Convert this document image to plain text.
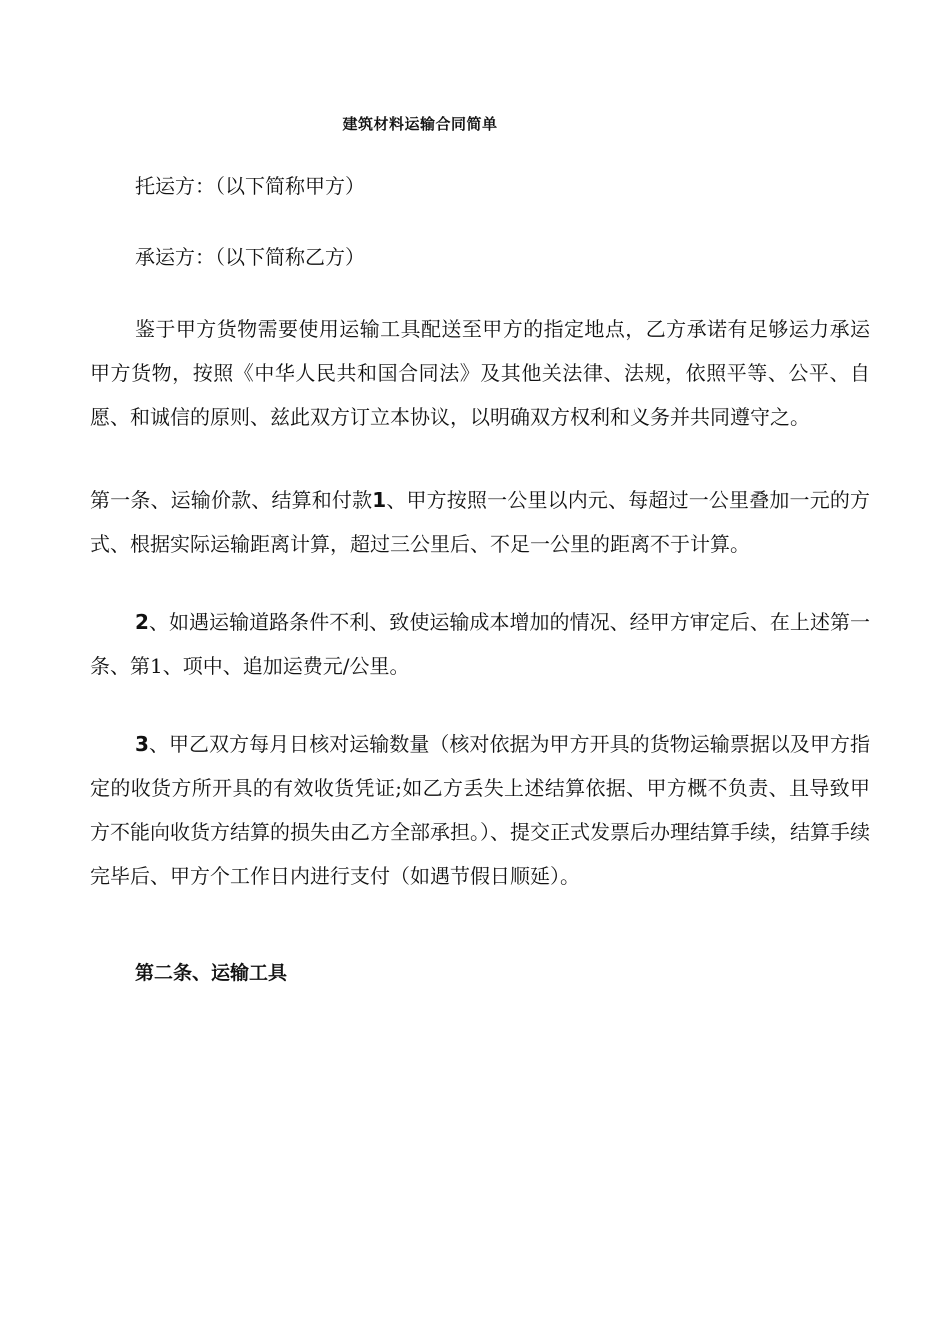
建筑材料运输合同简单

托运方：（以下简称甲方）

承运方：（以下简称乙方）

鉴于甲方货物需要使用运输工具配送至甲方的指定地点，乙方承诺有足够运力承运甲方货物，按照《中华人民共和国合同法》及其他关法律、法规，依照平等、公平、自愿、和诚信的原则、兹此双方订立本协议，以明确双方权利和义务并共同遵守之。

第一条、运输价款、结算和付款1、甲方按照一公里以内元、每超过一公里叠加一元的方式、根据实际运输距离计算，超过三公里后、不足一公里的距离不于计算。

2、如遇运输道路条件不利、致使运输成本增加的情况、经甲方审定后、在上述第一条、第1、项中、追加运费元/公里。

3、甲乙双方每月日核对运输数量（核对依据为甲方开具的货物运输票据以及甲方指定的收货方所开具的有效收货凭证;如乙方丢失上述结算依据、甲方概不负责、且导致甲方不能向收货方结算的损失由乙方全部承担。）、提交正式发票后办理结算手续，结算手续完毕后、甲方个工作日内进行支付（如遇节假日顺延）。

第二条、运输工具
